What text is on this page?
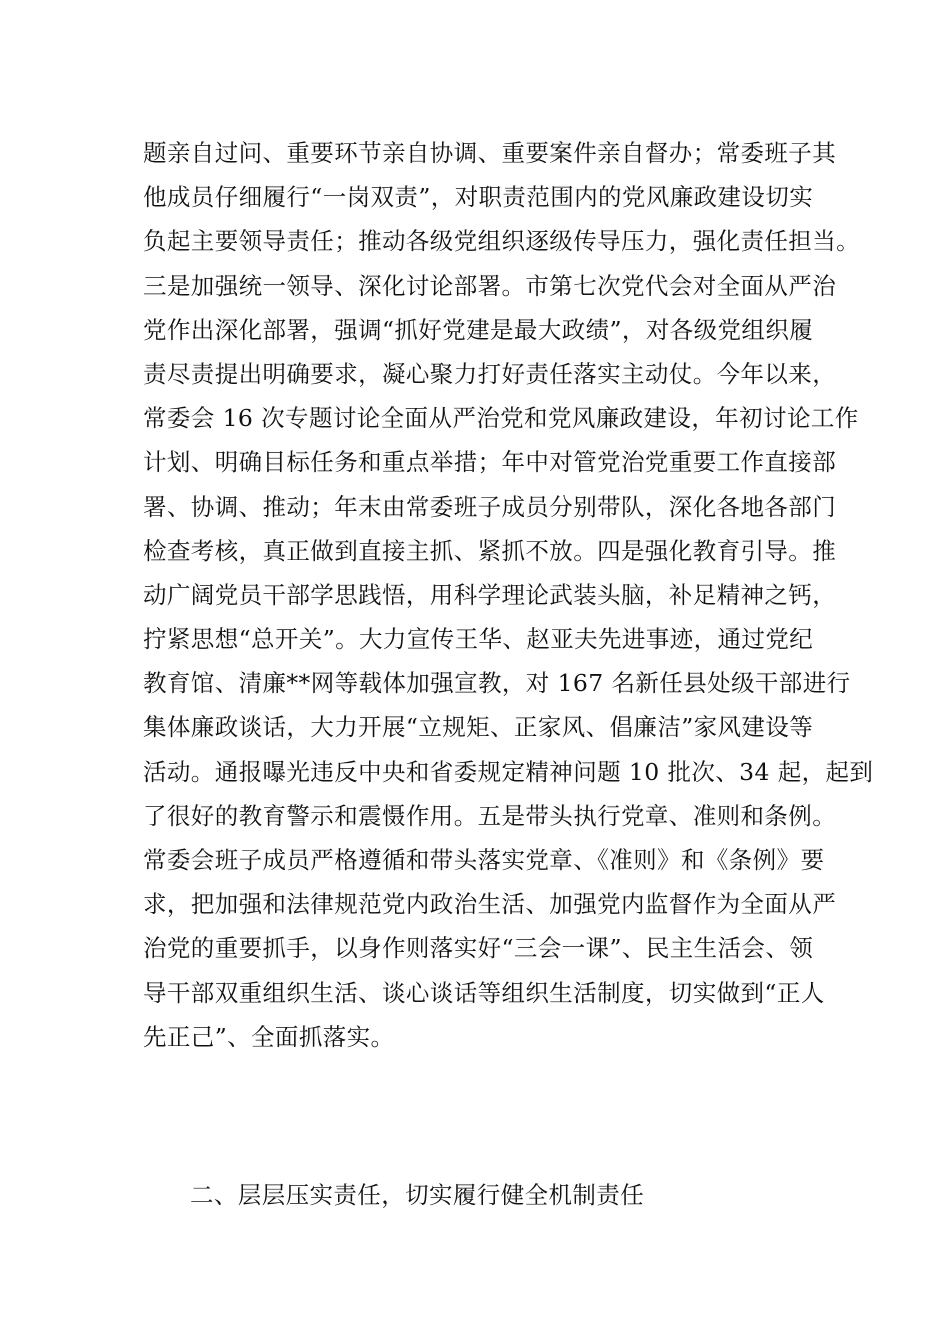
题亲自过问、重要环节亲自协调、重要案件亲自督办；常委班子其
他成员仔细履行“一岗双责”，对职责范围内的党风廉政建设切实
负起主要领导责任；推动各级党组织逐级传导压力，强化责任担当。
三是加强统一领导、深化讨论部署。市第七次党代会对全面从严治
党作出深化部署，强调“抓好党建是最大政绩”，对各级党组织履
责尽责提出明确要求，凝心聚力打好责任落实主动仗。今年以来，
常委会 16 次专题讨论全面从严治党和党风廉政建设，年初讨论工作
计划、明确目标任务和重点举措；年中对管党治党重要工作直接部
署、协调、推动；年末由常委班子成员分别带队，深化各地各部门
检查考核，真正做到直接主抓、紧抓不放。四是强化教育引导。推
动广阔党员干部学思践悟，用科学理论武装头脑，补足精神之钙，
拧紧思想“总开关”。大力宣传王华、赵亚夫先进事迹，通过党纪
教育馆、清廉**网等载体加强宣教，对 167 名新任县处级干部进行
集体廉政谈话，大力开展“立规矩、正家风、倡廉洁”家风建设等
活动。通报曝光违反中央和省委规定精神问题 10 批次、34 起，起到
了很好的教育警示和震慑作用。五是带头执行党章、准则和条例。
常委会班子成员严格遵循和带头落实党章、《准则》和《条例》要
求，把加强和法律规范党内政治生活、加强党内监督作为全面从严
治党的重要抓手，以身作则落实好“三会一课”、民主生活会、领
导干部双重组织生活、谈心谈话等组织生活制度，切实做到“正人
先正己”、全面抓落实。
二、层层压实责任，切实履行健全机制责任
